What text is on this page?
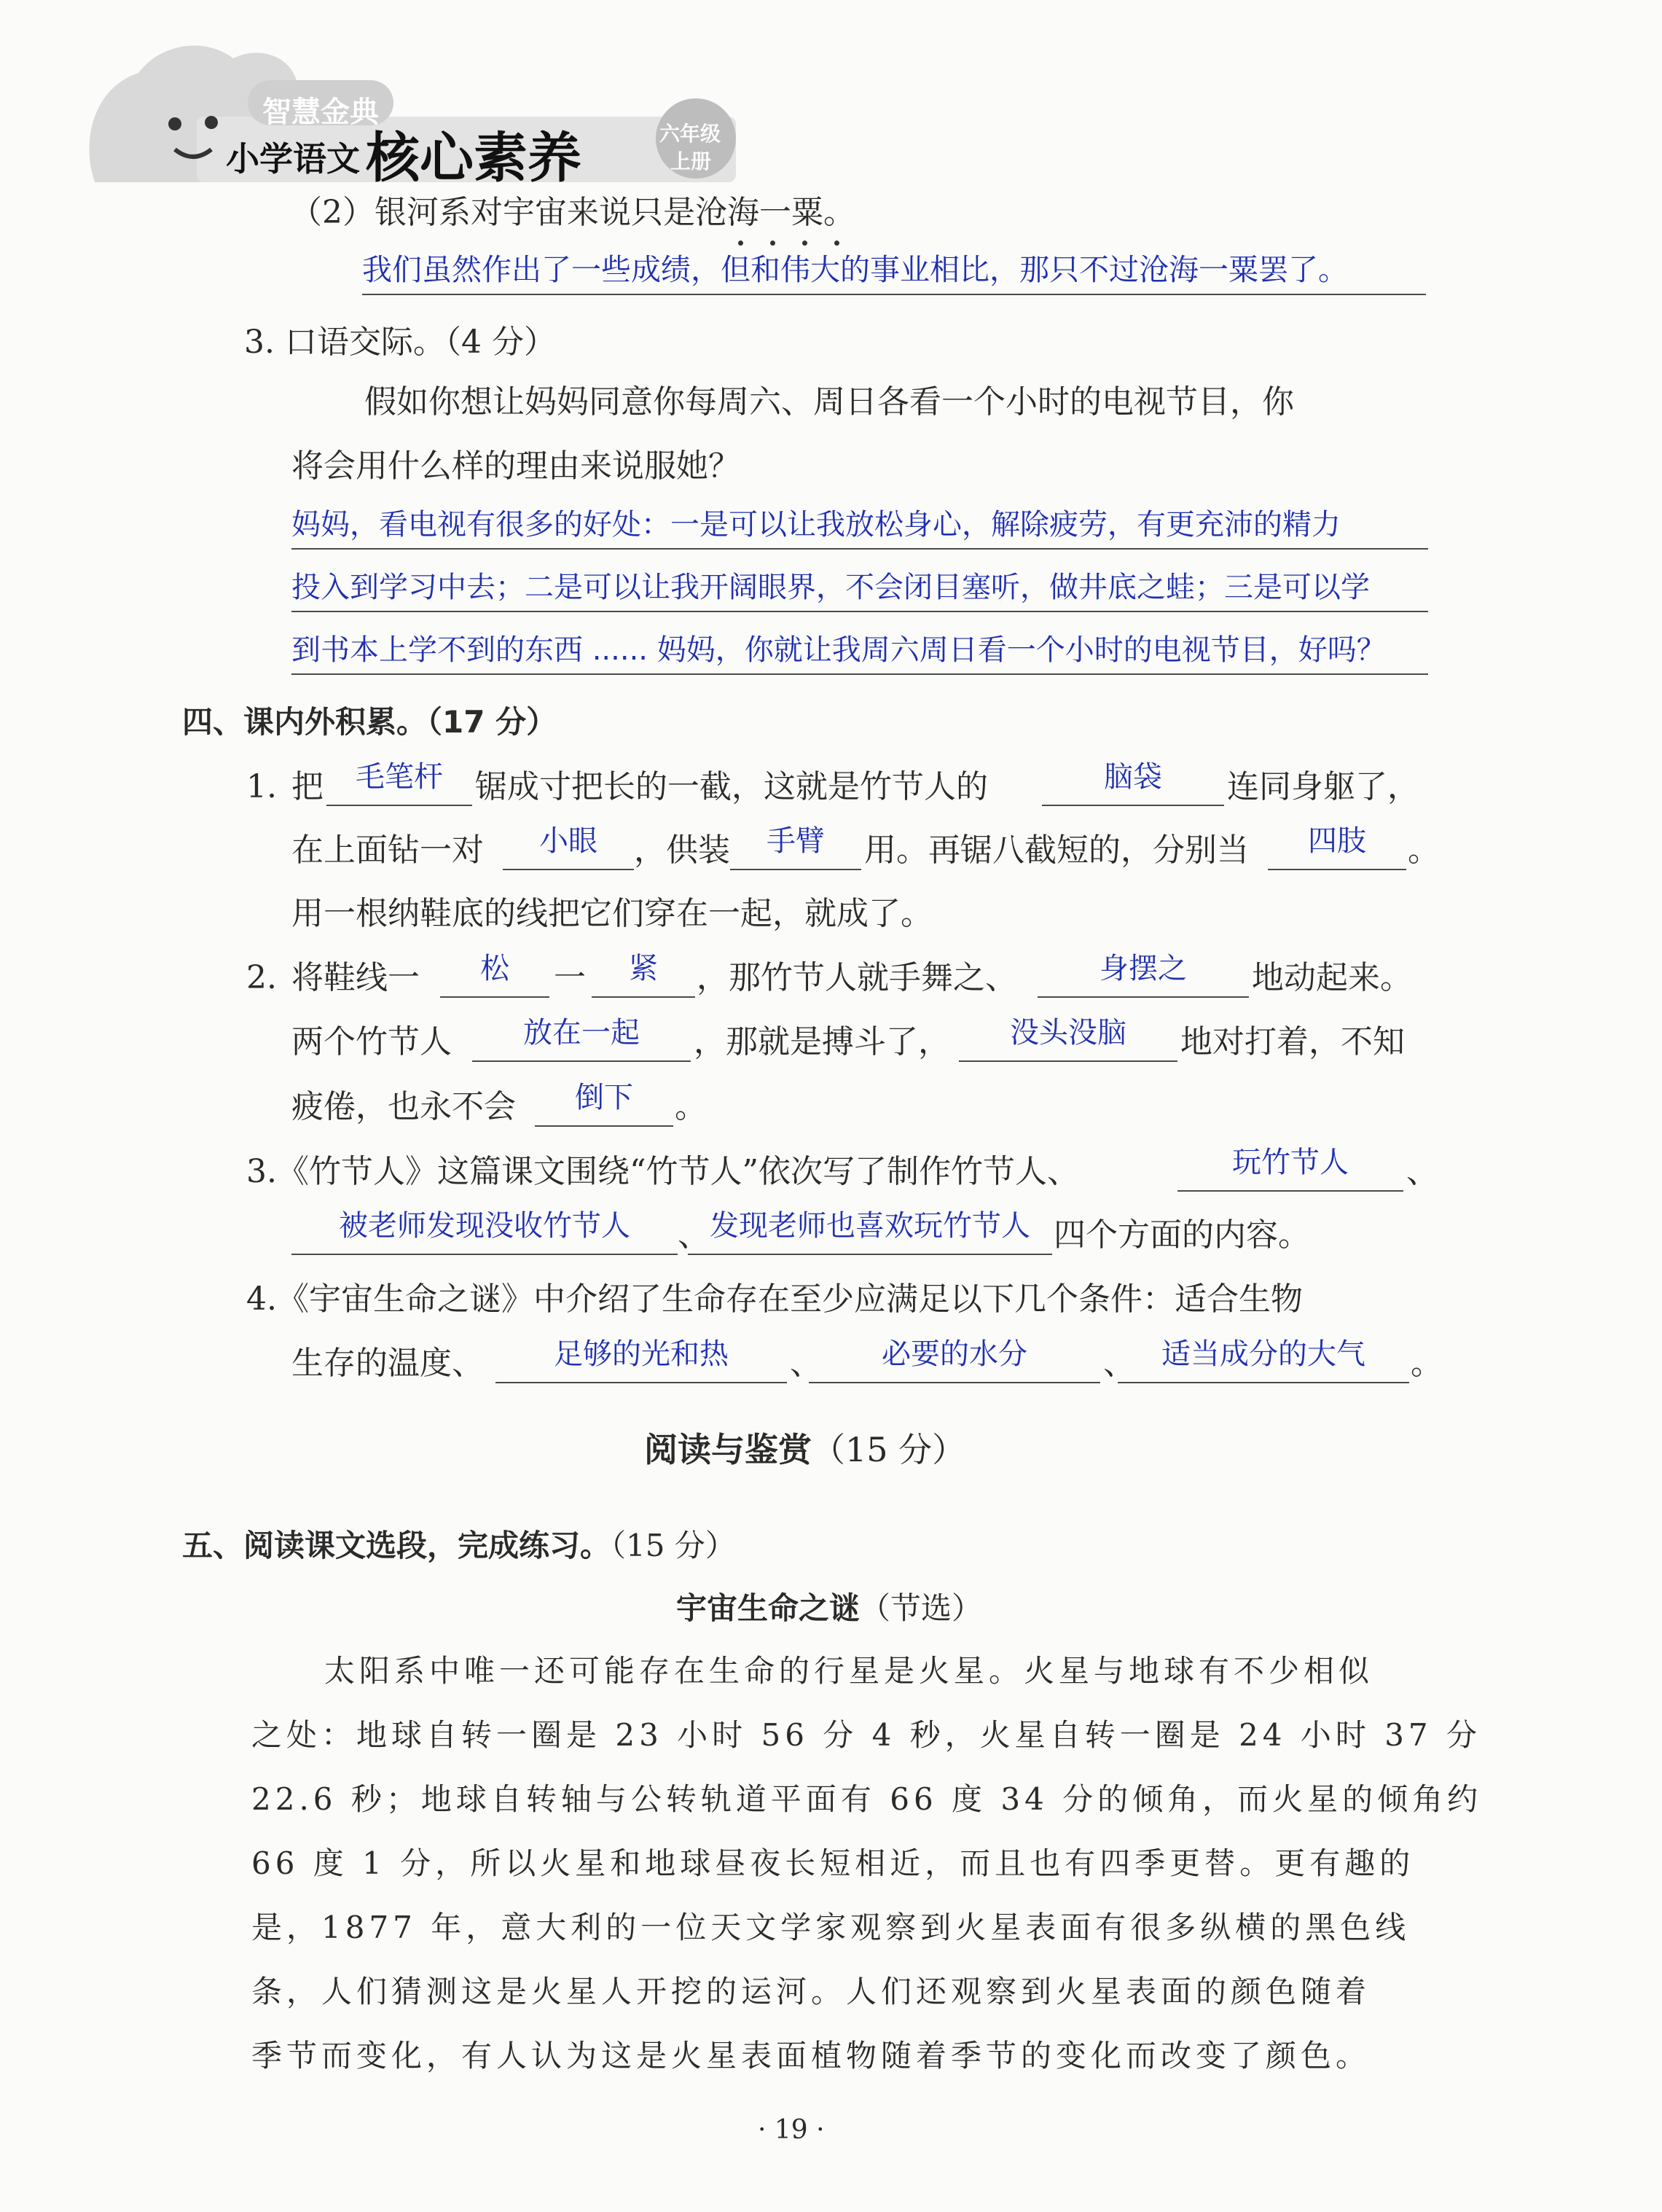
智慧金典
小学语文 核心素养	六年级
上册
（2）银河系对宇宙来说只是沧海一粟。
我们虽然作出了一些成绩，但和伟大的事业相比，那只不过沧海一粟罢了。
3. 口语交际。（4 分）
假如你想让妈妈同意你每周六、周日各看一个小时的电视节目，你
将会用什么样的理由来说服她？
妈妈，看电视有很多的好处：一是可以让我放松身心，解除疲劳，有更充沛的精力
投入到学习中去；二是可以让我开阔眼界，不会闭目塞听，做井底之蛙；三是可以学
到书本上学不到的东西 ...... 妈妈，你就让我周六周日看一个小时的电视节目，好吗？
四、课内外积累。（17 分）
1. 把	毛笔杆	锯成寸把长的一截，这就是竹节人的	脑袋	连同身躯了，
在上面钻一对	小眼	，供装	手臂	用。再锯八截短的，分别当	四肢	。
用一根纳鞋底的线把它们穿在一起，就成了。
2. 将鞋线一	松	一	紧	，那竹节人就手舞之、	身摆之	地动起来。
两个竹节人	放在一起	，那就是搏斗了，	没头没脑	地对打着，不知
疲倦，也永不会	倒下	。
3. 《竹节人》这篇课文围绕“竹节人”依次写了制作竹节人、	玩竹节人	、
被老师发现没收竹节人	、 发现老师也喜欢玩竹节人 四个方面的内容。
4. 《宇宙生命之谜》中介绍了生命存在至少应满足以下几个条件：适合生物
生存的温度、	足够的光和热	、	必要的水分	、 适当成分的大气	。
阅读与鉴赏（15 分）
五、阅读课文选段，完成练习。（15 分）
宇宙生命之谜（节选）
太阳系中唯一还可能存在生命的行星是火星。火星与地球有不少相似
之处：地球自转一圈是 23 小时 56 分 4 秒，火星自转一圈是 24 小时 37 分
22.6 秒；地球自转轴与公转轨道平面有 66 度 34 分的倾角，而火星的倾角约
66 度 1 分，所以火星和地球昼夜长短相近，而且也有四季更替。更有趣的
是，1877 年，意大利的一位天文学家观察到火星表面有很多纵横的黑色线
条，人们猜测这是火星人开挖的运河。人们还观察到火星表面的颜色随着
季节而变化，有人认为这是火星表面植物随着季节的变化而改变了颜色。
· 19 ·
